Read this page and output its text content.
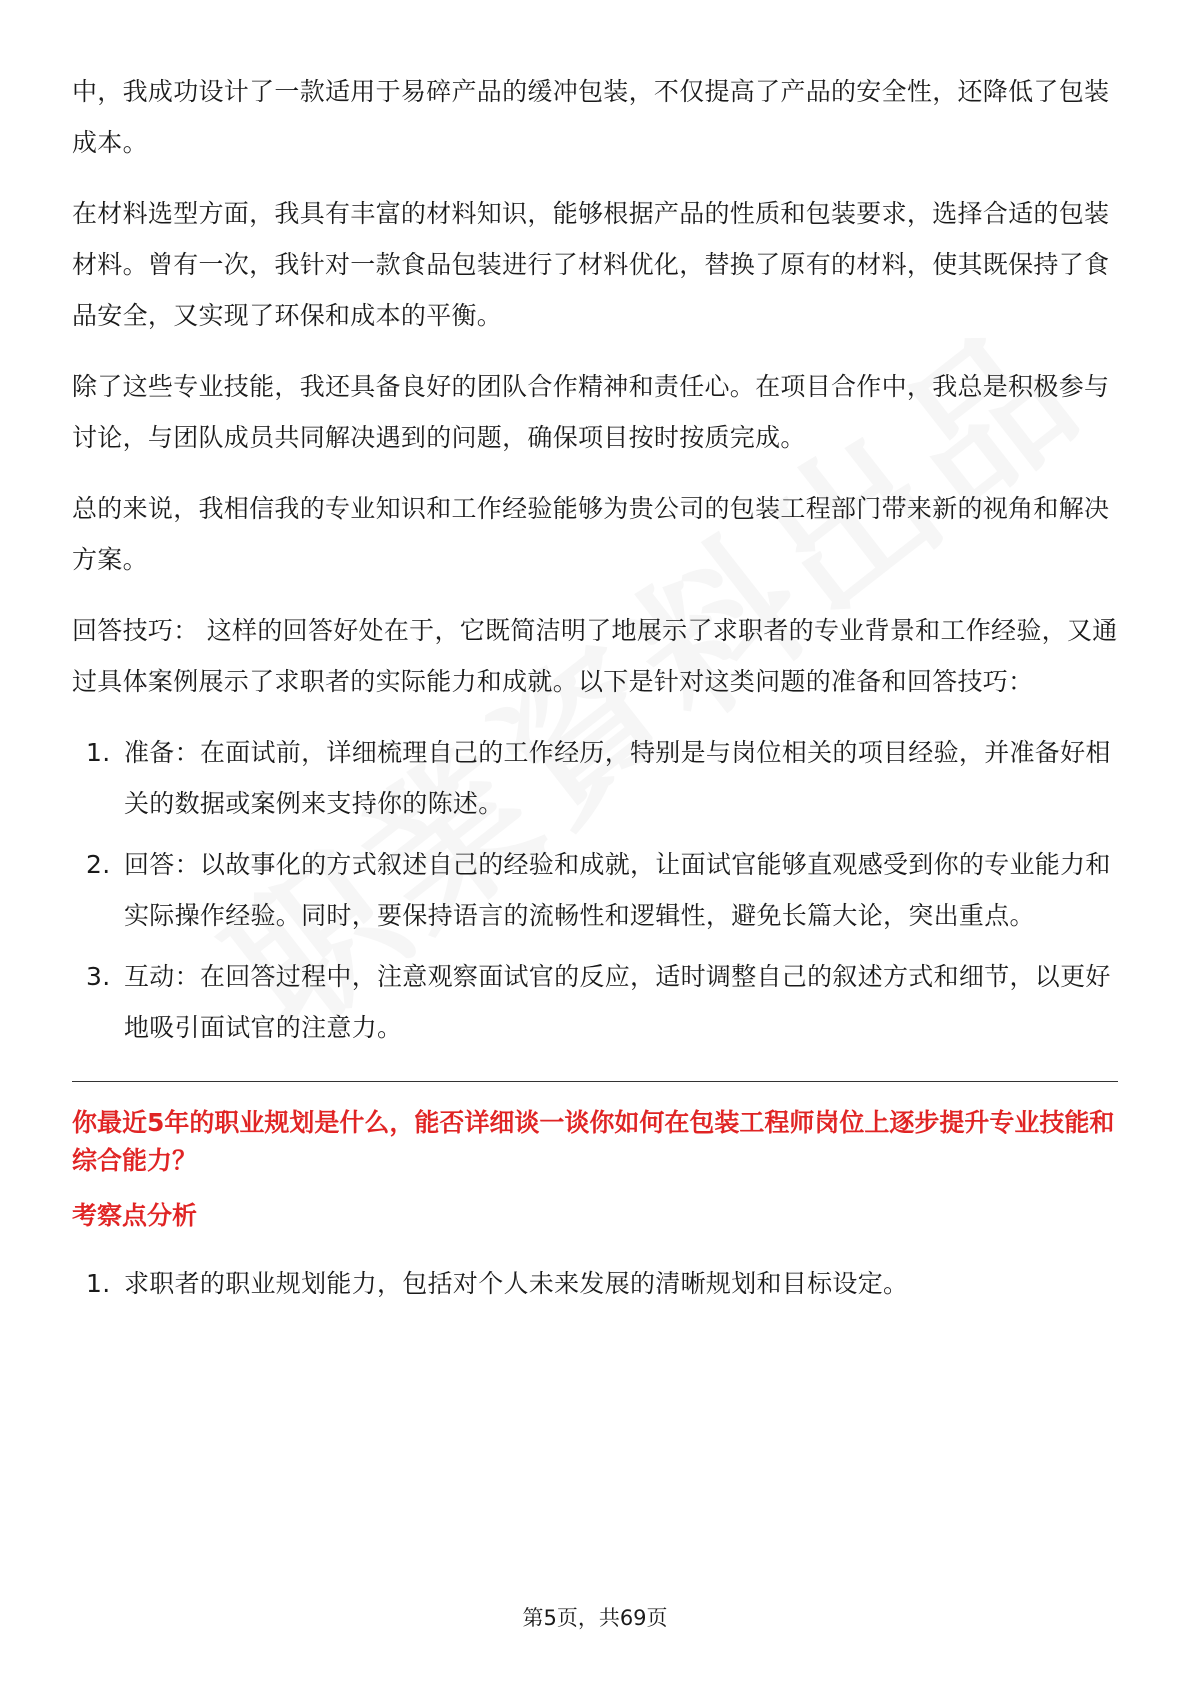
中，我成功设计了一款适用于易碎产品的缓冲包装，不仅提高了产品的安全性，还降低了包装成本。

在材料选型方面，我具有丰富的材料知识，能够根据产品的性质和包装要求，选择合适的包装材料。曾有一次，我针对一款食品包装进行了材料优化，替换了原有的材料，使其既保持了食品安全，又实现了环保和成本的平衡。

除了这些专业技能，我还具备良好的团队合作精神和责任心。在项目合作中，我总是积极参与讨论，与团队成员共同解决遇到的问题，确保项目按时按质完成。

总的来说，我相信我的专业知识和工作经验能够为贵公司的包装工程部门带来新的视角和解决方案。

回答技巧： 这样的回答好处在于，它既简洁明了地展示了求职者的专业背景和工作经验，又通过具体案例展示了求职者的实际能力和成就。以下是针对这类问题的准备和回答技巧：

1. 准备：在面试前，详细梳理自己的工作经历，特别是与岗位相关的项目经验，并准备好相关的数据或案例来支持你的陈述。
2. 回答：以故事化的方式叙述自己的经验和成就，让面试官能够直观感受到你的专业能力和实际操作经验。同时，要保持语言的流畅性和逻辑性，避免长篇大论，突出重点。
3. 互动：在回答过程中，注意观察面试官的反应，适时调整自己的叙述方式和细节，以更好地吸引面试官的注意力。
你最近5年的职业规划是什么，能否详细谈一谈你如何在包装工程师岗位上逐步提升专业技能和综合能力？
考察点分析
1. 求职者的职业规划能力，包括对个人未来发展的清晰规划和目标设定。
第5页，共69页
